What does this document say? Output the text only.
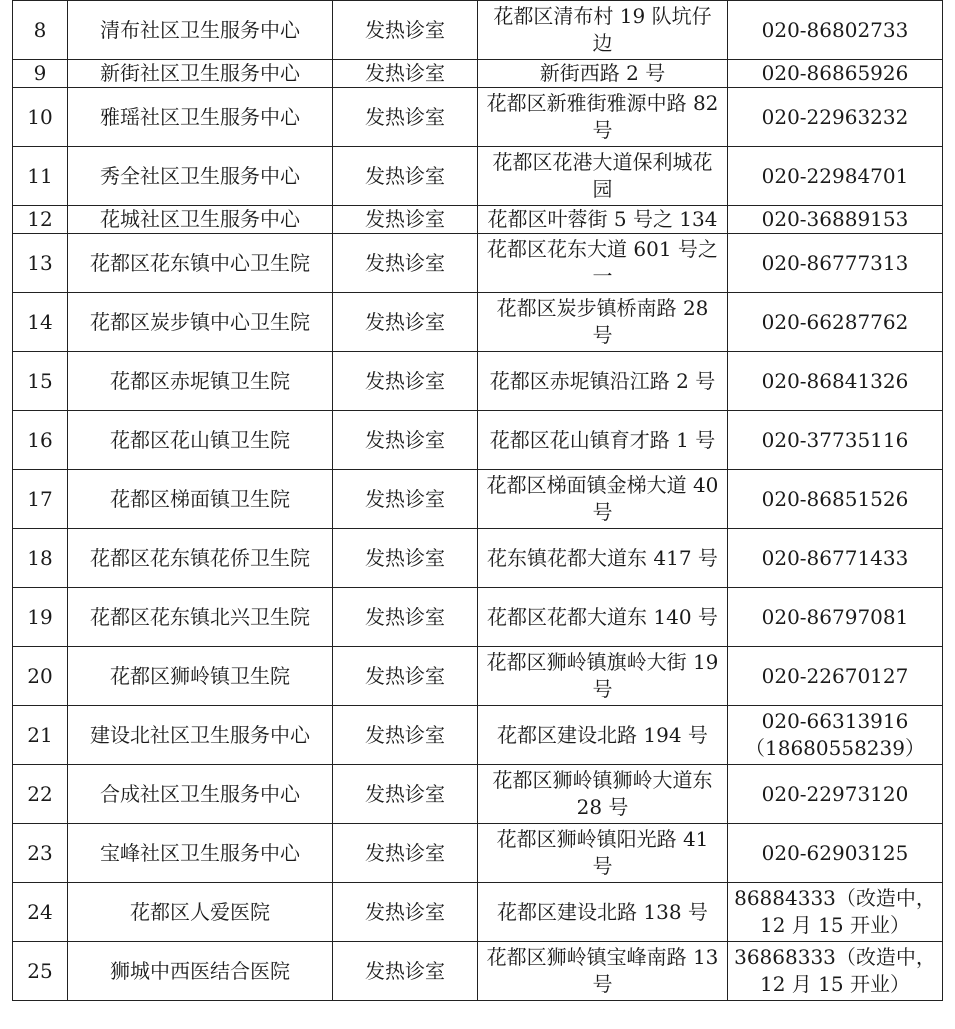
8	清布社区卫生服务中心	发热诊室	花都区清布村 19 队坑仔边	020-86802733
9	新街社区卫生服务中心	发热诊室	新街西路 2 号	020-86865926
10	雅瑶社区卫生服务中心	发热诊室	花都区新雅街雅源中路 82 号	020-22963232
11	秀全社区卫生服务中心	发热诊室	花都区花港大道保利城花园	020-22984701
12	花城社区卫生服务中心	发热诊室	花都区叶蓉街 5 号之 134	020-36889153
13	花都区花东镇中心卫生院	发热诊室	花都区花东大道 601 号之一	020-86777313
14	花都区炭步镇中心卫生院	发热诊室	花都区炭步镇桥南路 28 号	020-66287762
15	花都区赤坭镇卫生院	发热诊室	花都区赤坭镇沿江路 2 号	020-86841326
16	花都区花山镇卫生院	发热诊室	花都区花山镇育才路 1 号	020-37735116
17	花都区梯面镇卫生院	发热诊室	花都区梯面镇金梯大道 40 号	020-86851526
18	花都区花东镇花侨卫生院	发热诊室	花东镇花都大道东 417 号	020-86771433
19	花都区花东镇北兴卫生院	发热诊室	花都区花都大道东 140 号	020-86797081
20	花都区狮岭镇卫生院	发热诊室	花都区狮岭镇旗岭大街 19 号	020-22670127
21	建设北社区卫生服务中心	发热诊室	花都区建设北路 194 号	020-66313916
（18680558239）
22	合成社区卫生服务中心	发热诊室	花都区狮岭镇狮岭大道东 28 号	020-22973120
23	宝峰社区卫生服务中心	发热诊室	花都区狮岭镇阳光路 41 号	020-62903125
24	花都区人爱医院	发热诊室	花都区建设北路 138 号	86884333（改造中，
12 月 15 开业）
25	狮城中西医结合医院	发热诊室	花都区狮岭镇宝峰南路 13 号	36868333（改造中，
12 月 15 开业）
